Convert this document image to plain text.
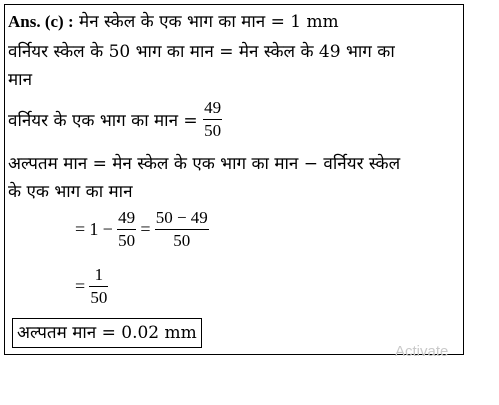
Ans. (c) : मेन स्केल के एक भाग का मान = 1 mm
वर्नियर स्केल के 50 भाग का मान = मेन स्केल के 49 भाग का
मान
वर्नियर के एक भाग का मान = $\frac{49}{50}$
अल्पतम मान = मेन स्केल के एक भाग का मान − वर्नियर स्केल
के एक भाग का मान
= $1 - \frac{49}{50} = \frac{50 - 49}{50}$
= $\frac{1}{50}$
अल्पतम मान = 0.02 mm
Activate
